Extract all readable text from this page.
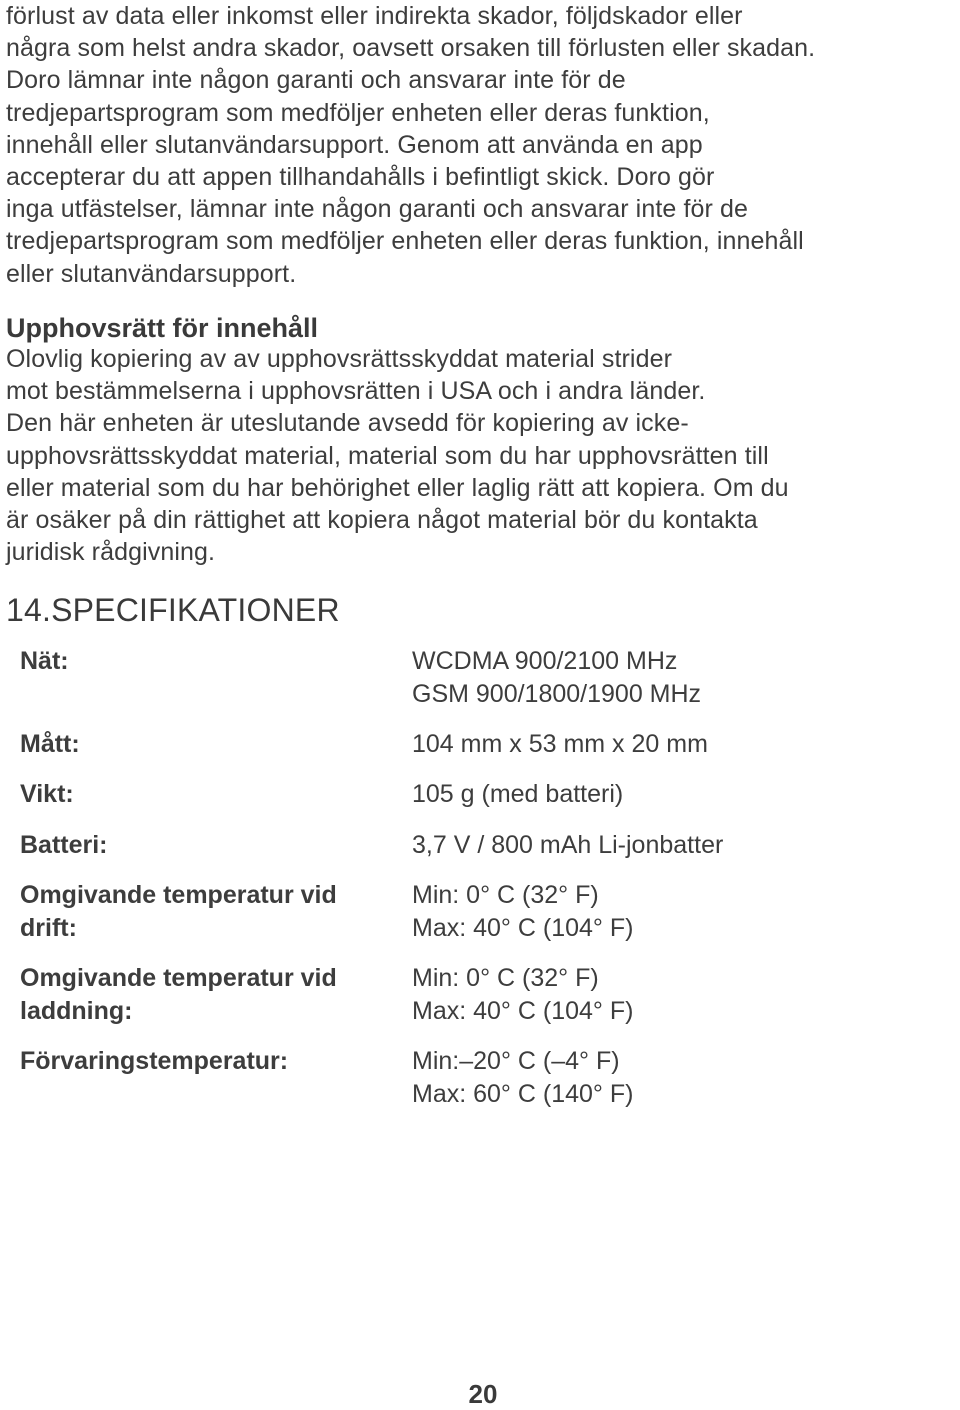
förlust av data eller inkomst eller indirekta skador, följdskador eller
några som helst andra skador, oavsett orsaken till förlusten eller skadan.
Doro lämnar inte någon garanti och ansvarar inte för de
tredjepartsprogram som medföljer enheten eller deras funktion,
innehåll eller slutanvändarsupport. Genom att använda en app
accepterar du att appen tillhandahålls i befintligt skick. Doro gör
inga utfästelser, lämnar inte någon garanti och ansvarar inte för de
tredjepartsprogram som medföljer enheten eller deras funktion, innehåll
eller slutanvändarsupport.

Upphovsrätt för innehåll

Olovlig kopiering av av upphovsrättsskyddat material strider
mot bestämmelserna i upphovsrätten i USA och i andra länder.
Den här enheten är uteslutande avsedd för kopiering av icke-
upphovsrättsskyddat material, material som du har upphovsrätten till
eller material som du har behörighet eller laglig rätt att kopiera. Om du
är osäker på din rättighet att kopiera något material bör du kontakta
juridisk rådgivning.

14.SPECIFIKATIONER
Nät:	WCDMA 900/2100 MHz
GSM 900/1800/1900 MHz
Mått:	104 mm x 53 mm x 20 mm
Vikt:	105 g (med batteri)
Batteri:	3,7 V / 800 mAh Li-jonbatter
Omgivande temperatur vid
drift:
Min: 0° C (32° F)
Max: 40° C (104° F)
Omgivande temperatur vid
laddning:
Min: 0° C (32° F)
Max: 40° C (104° F)
Förvaringstemperatur:	Min:–20° C (–4° F)
Max: 60° C (140° F)
20
